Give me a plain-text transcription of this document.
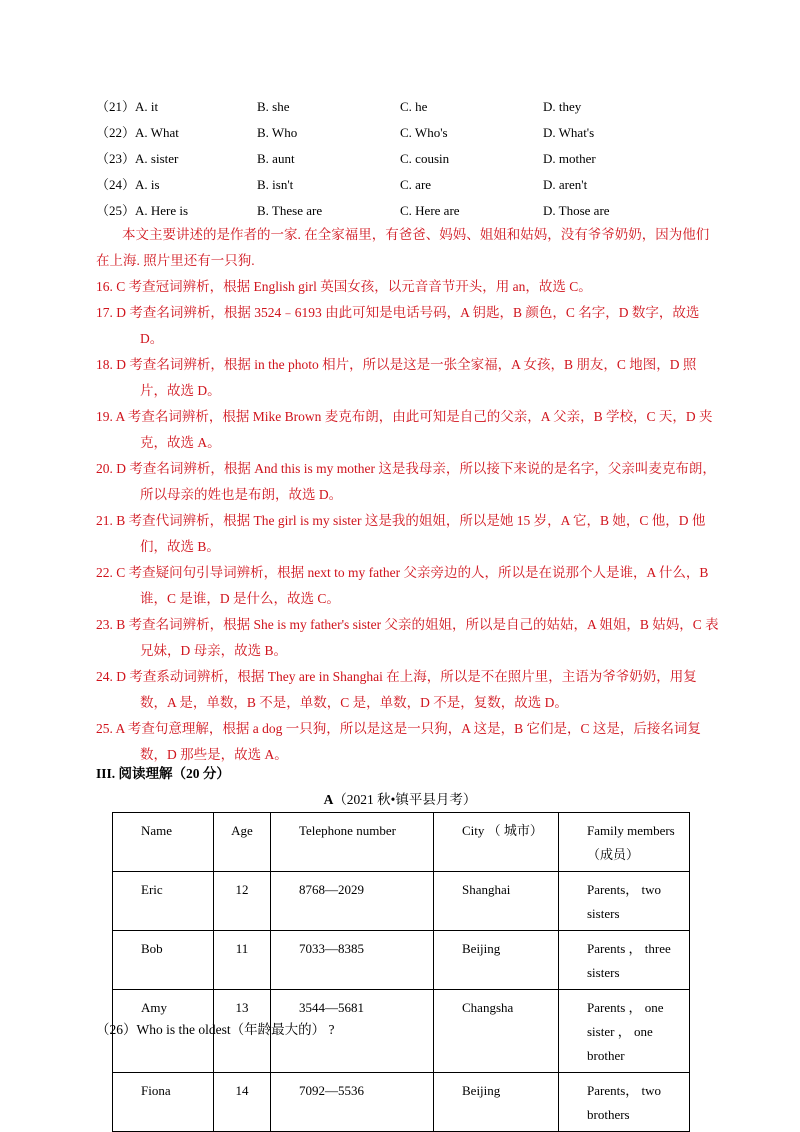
（21）A. it	B. she	C. he	D. they
（22）A. What	B. Who	C. Who's	D. What's
（23）A. sister	B. aunt	C. cousin	D. mother
（24）A. is	B. isn't	C. are	D. aren't
（25）A. Here is	B. These are	C. Here are	D. Those are
本文主要讲述的是作者的一家. 在全家福里，有爸爸、妈妈、姐姐和姑妈，没有爷爷奶奶，因为他们在上海. 照片里还有一只狗.
16. C 考查冠词辨析，根据 English girl 英国女孩，以元音音节开头，用 an，故选 C。
17. D 考查名词辨析，根据 3524﹣6193 由此可知是电话号码，A 钥匙，B 颜色，C 名字，D 数字，故选 D。
18. D 考查名词辨析，根据 in the photo 相片，所以是这是一张全家福，A 女孩，B 朋友，C 地图，D 照片，故选 D。
19. A 考查名词辨析，根据 Mike Brown 麦克布朗，由此可知是自己的父亲，A 父亲，B 学校，C 天，D 夹克，故选 A。
20. D 考查名词辨析，根据 And this is my mother 这是我母亲，所以接下来说的是名字，父亲叫麦克布朗，所以母亲的姓也是布朗，故选 D。
21. B 考查代词辨析，根据 The girl is my sister 这是我的姐姐，所以是她 15 岁，A 它，B 她，C 他，D 他们，故选 B。
22. C 考查疑问句引导词辨析，根据 next to my father 父亲旁边的人，所以是在说那个人是谁，A 什么，B 谁，C 是谁，D 是什么，故选 C。
23. B 考查名词辨析，根据 She is my father's sister 父亲的姐姐，所以是自己的姑姑，A 姐姐，B 姑妈，C 表兄妹，D 母亲，故选 B。
24. D 考查系动词辨析，根据 They are in Shanghai 在上海，所以是不在照片里，主语为爷爷奶奶，用复数，A 是，单数，B 不是，单数，C 是，单数，D 不是，复数，故选 D。
25. A 考查句意理解，根据 a dog 一只狗，所以是这是一只狗，A 这是，B 它们是，C 这是，后接名词复数，D 那些是，故选 A。
III. 阅读理解（20 分）
A（2021 秋•镇平县月考）
Name	Age	Telephone number	City （ 城市）	Family members（成员）
Eric	12	8768—2029	Shanghai	Parents， two sisters
Bob	11	7033—8385	Beijing	Parents ， three sisters
Amy	13	3544—5681	Changsha	Parents ， one sister ， one brother
Fiona	14	7092—5536	Beijing	Parents， two brothers
（26）Who is the oldest（年龄最大的） ?
